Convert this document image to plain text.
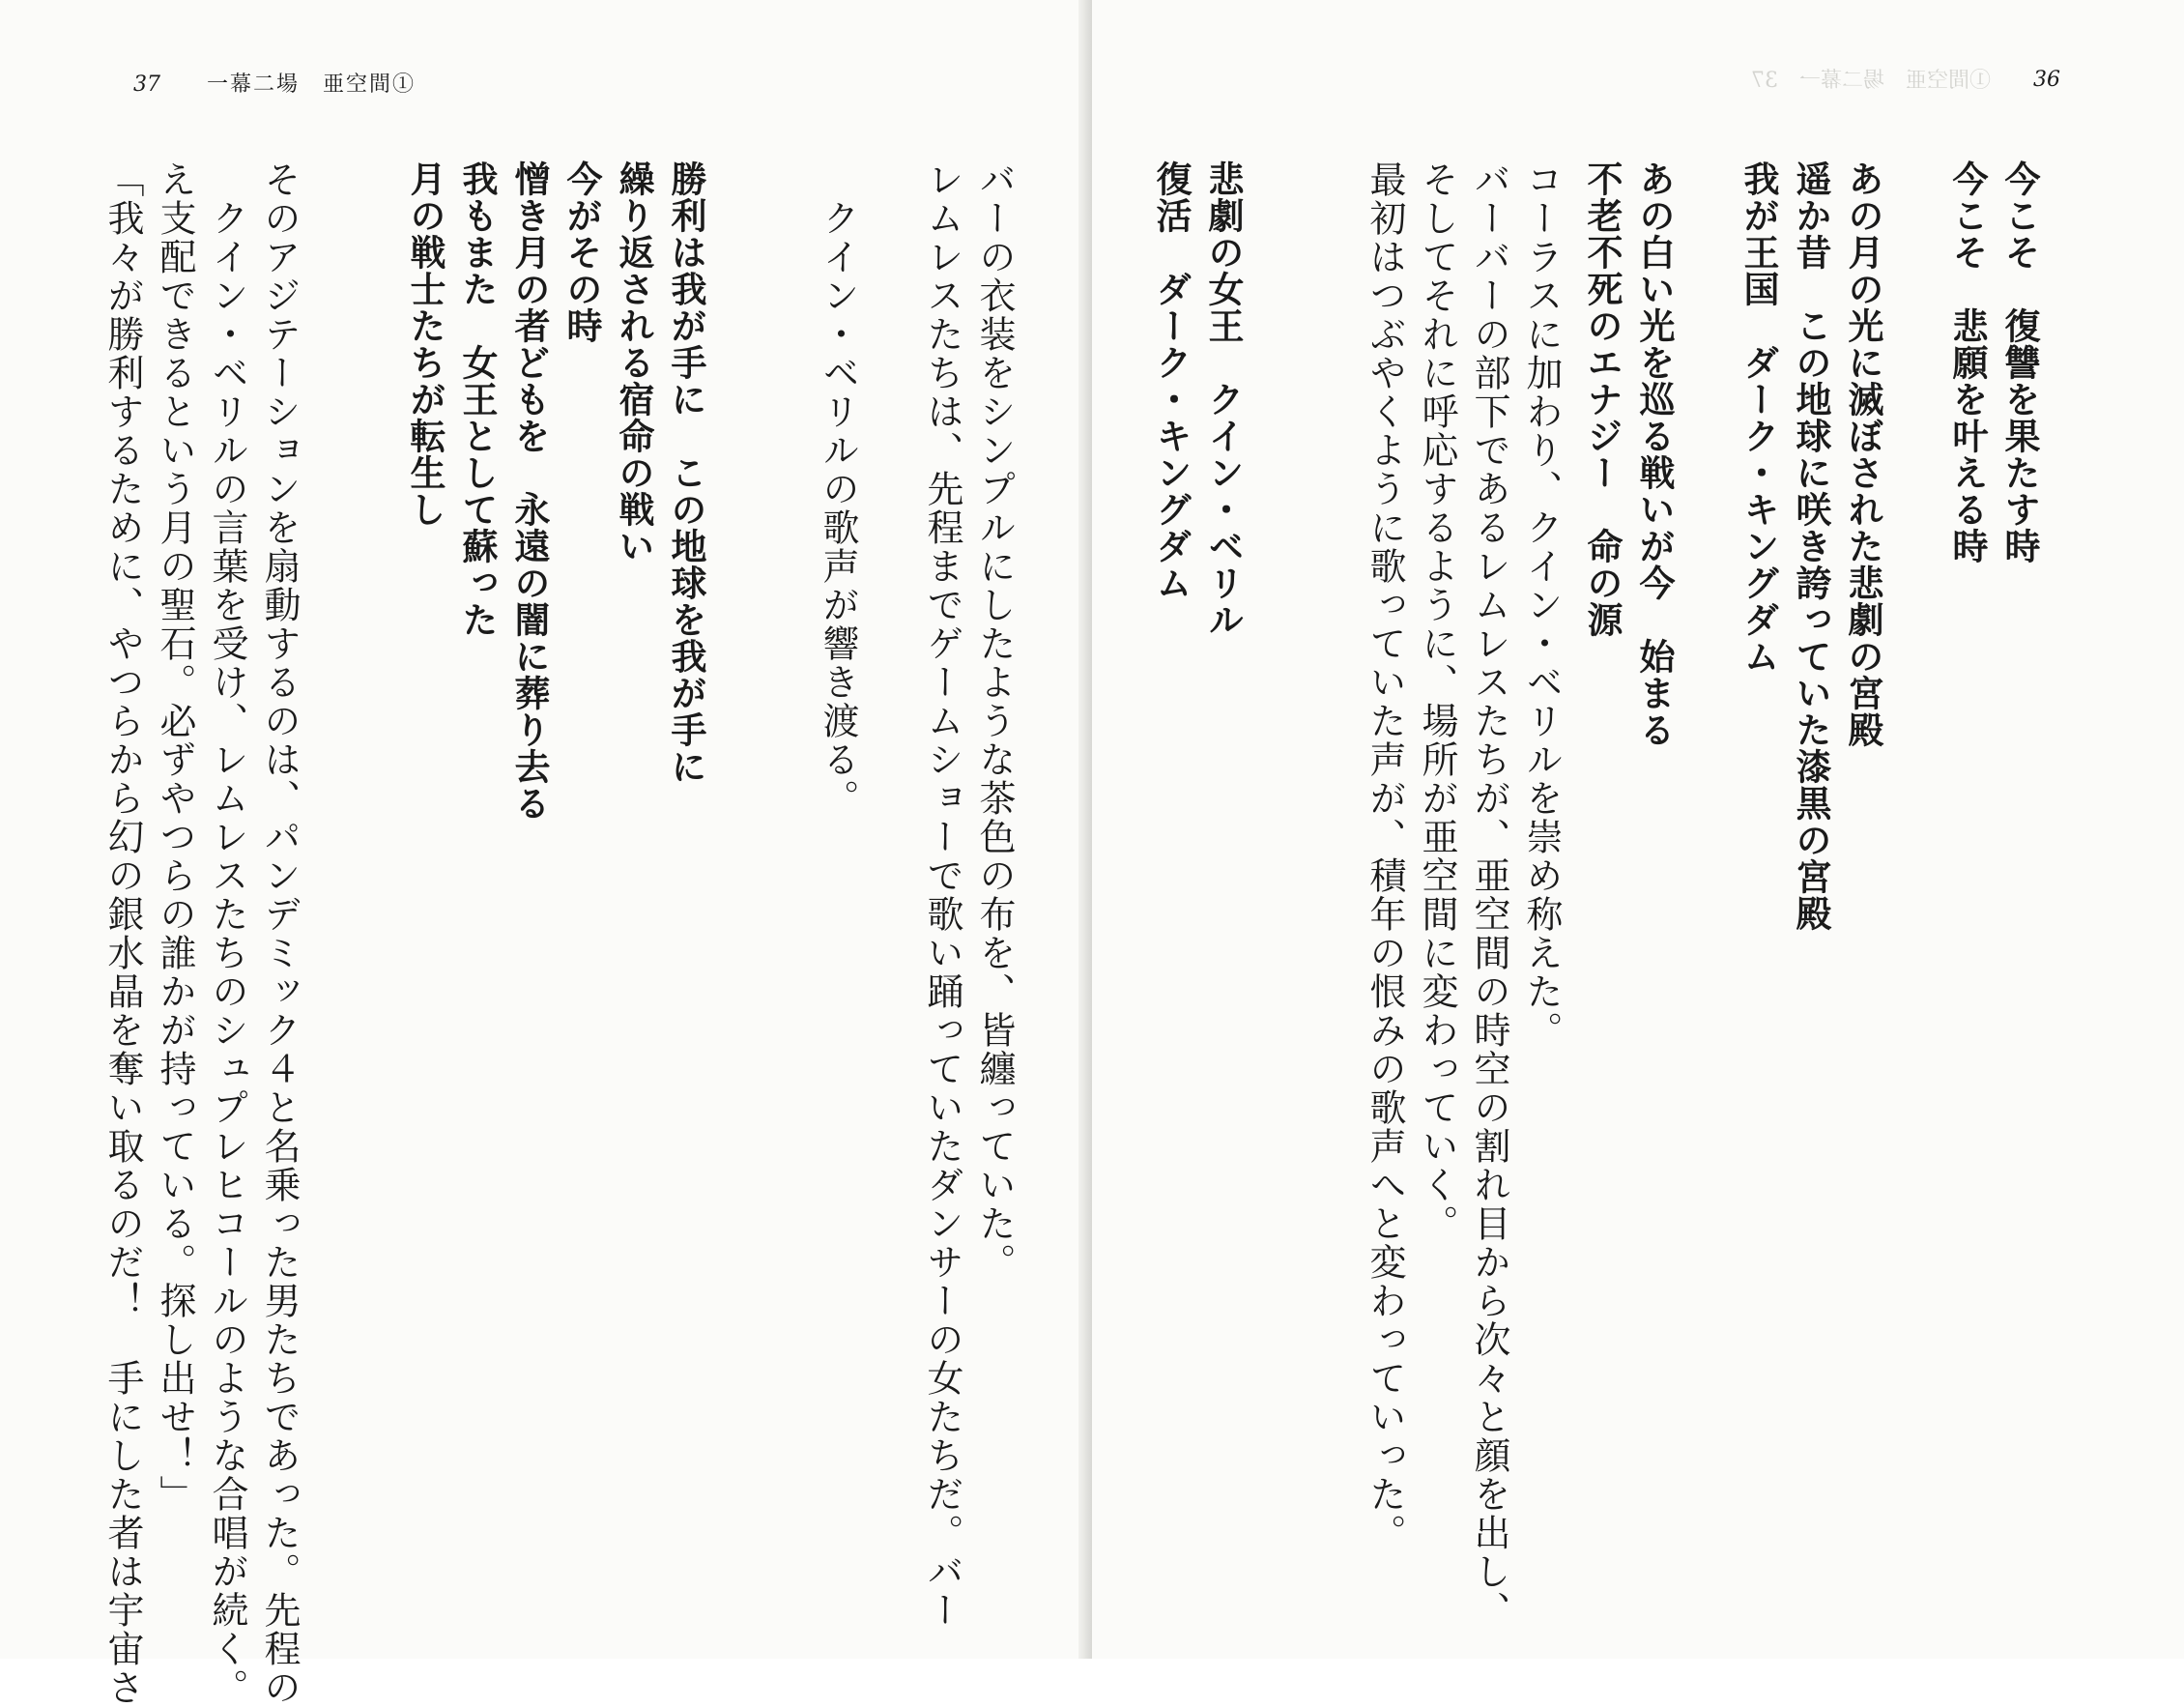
37 一幕二場　亜空間①
そのアジテーションを扇動するのは、パンデミック４と名乗った男たちであった。先程の
　クイン・ベリルの言葉を受け、レムレスたちのシュプレヒコールのような合唱が続く。
え支配できるという月の聖石。必ずやつらの誰かが持っている。探し出せ！」
「我々が勝利するために、やつらから幻の銀水晶を奪い取るのだ！　手にした者は宇宙さ	勝利は我が手に　この地球を我が手に
繰り返される宿命の戦い
今がその時
憎き月の者どもを　永遠の闇に葬り去る
我もまた　女王として蘇った
月の戦士たちが転生し	バーの衣装をシンプルにしたような茶色の布を、皆纏っていた。
レムレスたちは、先程までゲームショーで歌い踊っていたダンサーの女たちだ。バー

　クイン・ベリルの歌声が響き渡る。
①間空亜　場二幕一　37 36
悲劇の女王　クイン・ベリル
復活　ダーク・キングダム	コーラスに加わり、クイン・ベリルを崇め称えた。
バーバーの部下であるレムレスたちが、亜空間の時空の割れ目から次々と顔を出し、
そしてそれに呼応するように、場所が亜空間に変わっていく。
最初はつぶやくように歌っていた声が、積年の恨みの歌声へと変わっていった。	今こそ　復讐を果たす時
今こそ　悲願を叶える時

あの月の光に滅ぼされた悲劇の宮殿
遥か昔　この地球に咲き誇っていた漆黒の宮殿
我が王国　ダーク・キングダム

あの白い光を巡る戦いが今　始まる
不老不死のエナジー　命の源
